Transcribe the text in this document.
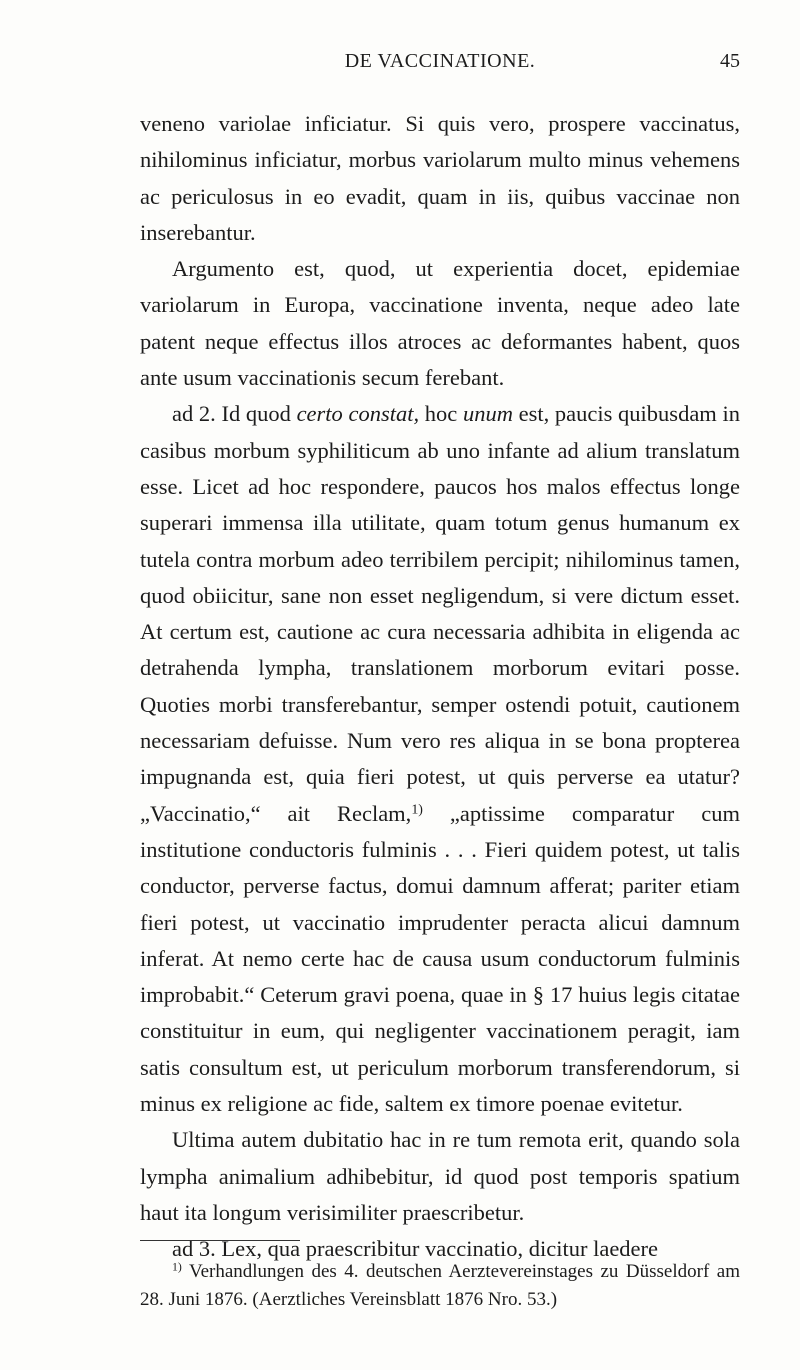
DE VACCINATIONE.	45

veneno variolae inficiatur. Si quis vero, prospere vaccinatus, nihilominus inficiatur, morbus variolarum multo minus vehemens ac periculosus in eo evadit, quam in iis, quibus vaccinae non inserebantur.

Argumento est, quod, ut experientia docet, epidemiae variolarum in Europa, vaccinatione inventa, neque adeo late patent neque effectus illos atroces ac deformantes habent, quos ante usum vaccinationis secum ferebant.

ad 2. Id quod certo constat, hoc unum est, paucis quibusdam in casibus morbum syphiliticum ab uno infante ad alium translatum esse. Licet ad hoc respondere, paucos hos malos effectus longe superari immensa illa utilitate, quam totum genus humanum ex tutela contra morbum adeo terribilem percipit; nihilominus tamen, quod obiicitur, sane non esset negligendum, si vere dictum esset. At certum est, cautione ac cura necessaria adhibita in eligenda ac detrahenda lympha, translationem morborum evitari posse. Quoties morbi transferebantur, semper ostendi potuit, cautionem necessariam defuisse. Num vero res aliqua in se bona propterea impugnanda est, quia fieri potest, ut quis perverse ea utatur? „Vaccinatio,“ ait Reclam,$^{1)}$ „aptissime comparatur cum institutione conductoris fulminis . . . Fieri quidem potest, ut talis conductor, perverse factus, domui damnum afferat; pariter etiam fieri potest, ut vaccinatio imprudenter peracta alicui damnum inferat. At nemo certe hac de causa usum conductorum fulminis improbabit.“ Ceterum gravi poena, quae in § 17 huius legis citatae constituitur in eum, qui negligenter vaccinationem peragit, iam satis consultum est, ut periculum morborum transferendorum, si minus ex religione ac fide, saltem ex timore poenae evitetur.

Ultima autem dubitatio hac in re tum remota erit, quando sola lympha animalium adhibebitur, id quod post temporis spatium haut ita longum verisimiliter praescribetur.

ad 3. Lex, qua praescribitur vaccinatio, dicitur laedere

$^{1)}$ Verhandlungen des 4. deutschen Aerztevereinstages zu Düsseldorf am 28. Juni 1876. (Aerztliches Vereinsblatt 1876 Nro. 53.)
